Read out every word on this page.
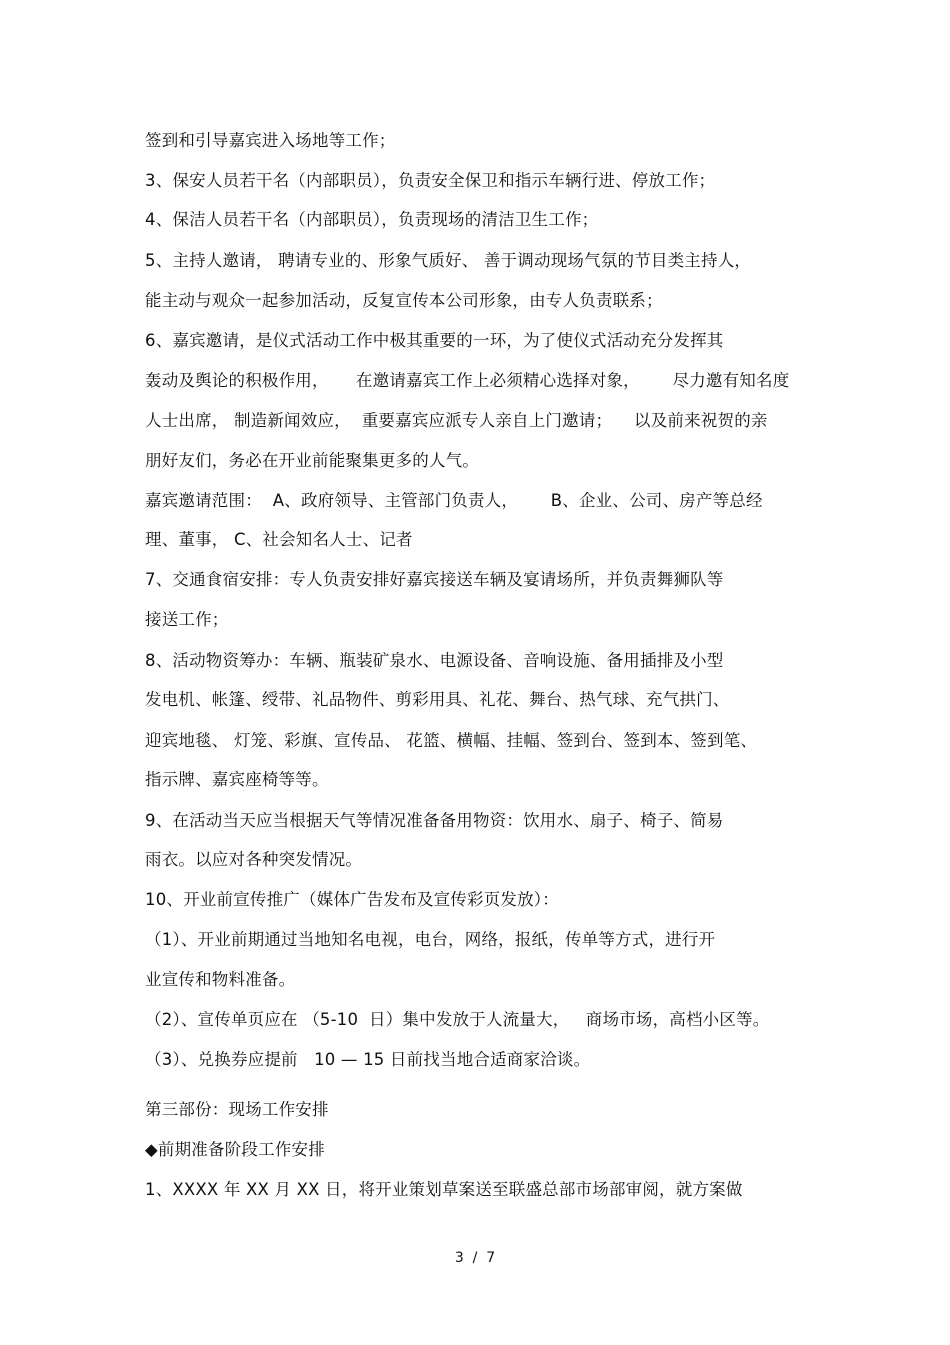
签到和引导嘉宾进入场地等工作；
3、保安人员若干名（内部职员），负责安全保卫和指示车辆行进、停放工作；
4、保洁人员若干名（内部职员），负责现场的清洁卫生工作；
5、主持人邀请， 聘请专业的、形象气质好、 善于调动现场气氛的节目类主持人，
能主动与观众一起参加活动，反复宣传本公司形象，由专人负责联系；
6、嘉宾邀请，是仪式活动工作中极其重要的一环，为了使仪式活动充分发挥其
轰动及舆论的积极作用，     在邀请嘉宾工作上必须精心选择对象，      尽力邀有知名度
人士出席， 制造新闻效应，  重要嘉宾应派专人亲自上门邀请；    以及前来祝贺的亲
朋好友们，务必在开业前能聚集更多的人气。
嘉宾邀请范围：  A、政府领导、主管部门负责人，      B、企业、公司、房产等总经
理、董事， C、社会知名人士、记者
7、交通食宿安排：专人负责安排好嘉宾接送车辆及宴请场所，并负责舞狮队等
接送工作；
8、活动物资筹办：车辆、瓶装矿泉水、电源设备、音响设施、备用插排及小型
发电机、帐篷、绶带、礼品物件、剪彩用具、礼花、舞台、热气球、充气拱门、
迎宾地毯、 灯笼、彩旗、宣传品、 花篮、横幅、挂幅、签到台、签到本、签到笔、
指示牌、嘉宾座椅等等。
9、在活动当天应当根据天气等情况准备备用物资：饮用水、扇子、椅子、简易
雨衣。以应对各种突发情况。
10、开业前宣传推广（媒体广告发布及宣传彩页发放）：
（1）、开业前期通过当地知名电视，电台，网络，报纸，传单等方式，进行开
业宣传和物料准备。
（2）、宣传单页应在 （5-10  日）集中发放于人流量大，   商场市场，高档小区等。
（3）、兑换券应提前   10 — 15 日前找当地合适商家洽谈。
第三部份：现场工作安排
◆前期准备阶段工作安排
1、XXXX 年 XX 月 XX 日，将开业策划草案送至联盛总部市场部审阅，就方案做
3  /  7
